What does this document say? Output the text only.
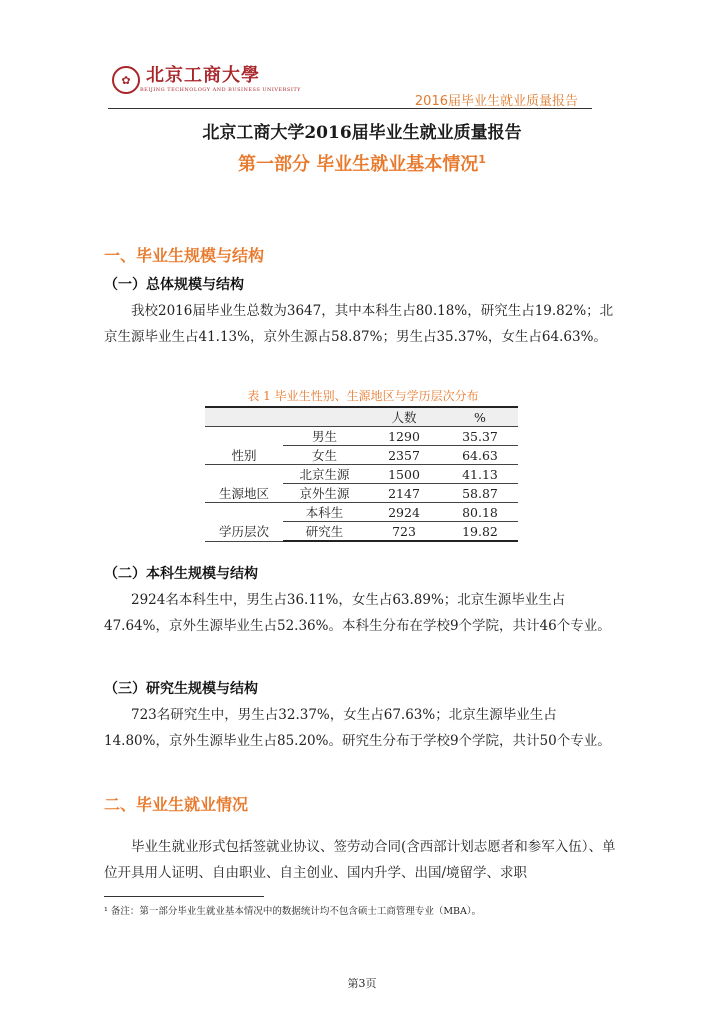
✿ 北京工商大學
BEIJING TECHNOLOGY AND BUSINESS UNIVERSITY
2016届毕业生就业质量报告
北京工商大学2016届毕业生就业质量报告
第一部分 毕业生就业基本情况$^1$
一、毕业生规模与结构
（一）总体规模与结构
我校2016届毕业生总数为3647，其中本科生占80.18%，研究生占19.82%；北京生源毕业生占41.13%，京外生源占58.87%；男生占35.37%，女生占64.63%。
表 1 毕业生性别、生源地区与学历层次分布
		人数	%
	男生	1290	35.37
性别	女生	2357	64.63
	北京生源	1500	41.13
生源地区	京外生源	2147	58.87
	本科生	2924	80.18
学历层次	研究生	723	19.82
（二）本科生规模与结构
2924名本科生中，男生占36.11%，女生占63.89%；北京生源毕业生占47.64%，京外生源毕业生占52.36%。本科生分布在学校9个学院，共计46个专业。
（三）研究生规模与结构
723名研究生中，男生占32.37%，女生占67.63%；北京生源毕业生占14.80%，京外生源毕业生占85.20%。研究生分布于学校9个学院，共计50个专业。
二、毕业生就业情况
毕业生就业形式包括签就业协议、签劳动合同(含西部计划志愿者和参军入伍）、单位开具用人证明、自由职业、自主创业、国内升学、出国/境留学、求职
¹ 备注：第一部分毕业生就业基本情况中的数据统计均不包含硕士工商管理专业（MBA）。
第3页
